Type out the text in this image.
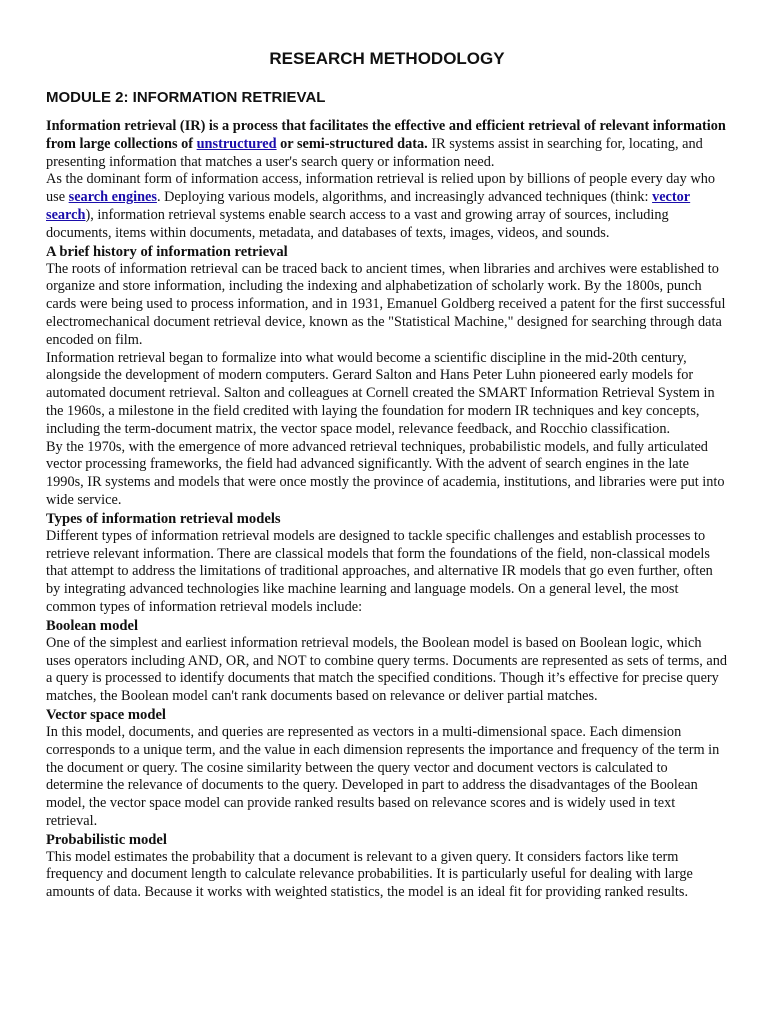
RESEARCH METHODOLOGY
MODULE 2: INFORMATION RETRIEVAL

Information retrieval (IR) is a process that facilitates the effective and efficient retrieval of relevant information from large collections of unstructured or semi-structured data. IR systems assist in searching for, locating, and presenting information that matches a user's search query or information need.

As the dominant form of information access, information retrieval is relied upon by billions of people every day who use search engines. Deploying various models, algorithms, and increasingly advanced techniques (think: vector search), information retrieval systems enable search access to a vast and growing array of sources, including documents, items within documents, metadata, and databases of texts, images, videos, and sounds.

A brief history of information retrieval

The roots of information retrieval can be traced back to ancient times, when libraries and archives were established to organize and store information, including the indexing and alphabetization of scholarly work. By the 1800s, punch cards were being used to process information, and in 1931, Emanuel Goldberg received a patent for the first successful electromechanical document retrieval device, known as the "Statistical Machine," designed for searching through data encoded on film.

Information retrieval began to formalize into what would become a scientific discipline in the mid-20th century, alongside the development of modern computers. Gerard Salton and Hans Peter Luhn pioneered early models for automated document retrieval. Salton and colleagues at Cornell created the SMART Information Retrieval System in the 1960s, a milestone in the field credited with laying the foundation for modern IR techniques and key concepts, including the term-document matrix, the vector space model, relevance feedback, and Rocchio classification.

By the 1970s, with the emergence of more advanced retrieval techniques, probabilistic models, and fully articulated vector processing frameworks, the field had advanced significantly. With the advent of search engines in the late 1990s, IR systems and models that were once mostly the province of academia, institutions, and libraries were put into wide service.

Types of information retrieval models

Different types of information retrieval models are designed to tackle specific challenges and establish processes to retrieve relevant information. There are classical models that form the foundations of the field, non-classical models that attempt to address the limitations of traditional approaches, and alternative IR models that go even further, often by integrating advanced technologies like machine learning and language models. On a general level, the most common types of information retrieval models include:

Boolean model

One of the simplest and earliest information retrieval models, the Boolean model is based on Boolean logic, which uses operators including AND, OR, and NOT to combine query terms. Documents are represented as sets of terms, and a query is processed to identify documents that match the specified conditions. Though it’s effective for precise query matches, the Boolean model can't rank documents based on relevance or deliver partial matches.

Vector space model

In this model, documents, and queries are represented as vectors in a multi-dimensional space. Each dimension corresponds to a unique term, and the value in each dimension represents the importance and frequency of the term in the document or query. The cosine similarity between the query vector and document vectors is calculated to determine the relevance of documents to the query. Developed in part to address the disadvantages of the Boolean model, the vector space model can provide ranked results based on relevance scores and is widely used in text retrieval.

Probabilistic model

This model estimates the probability that a document is relevant to a given query. It considers factors like term frequency and document length to calculate relevance probabilities. It is particularly useful for dealing with large amounts of data. Because it works with weighted statistics, the model is an ideal fit for providing ranked results.
